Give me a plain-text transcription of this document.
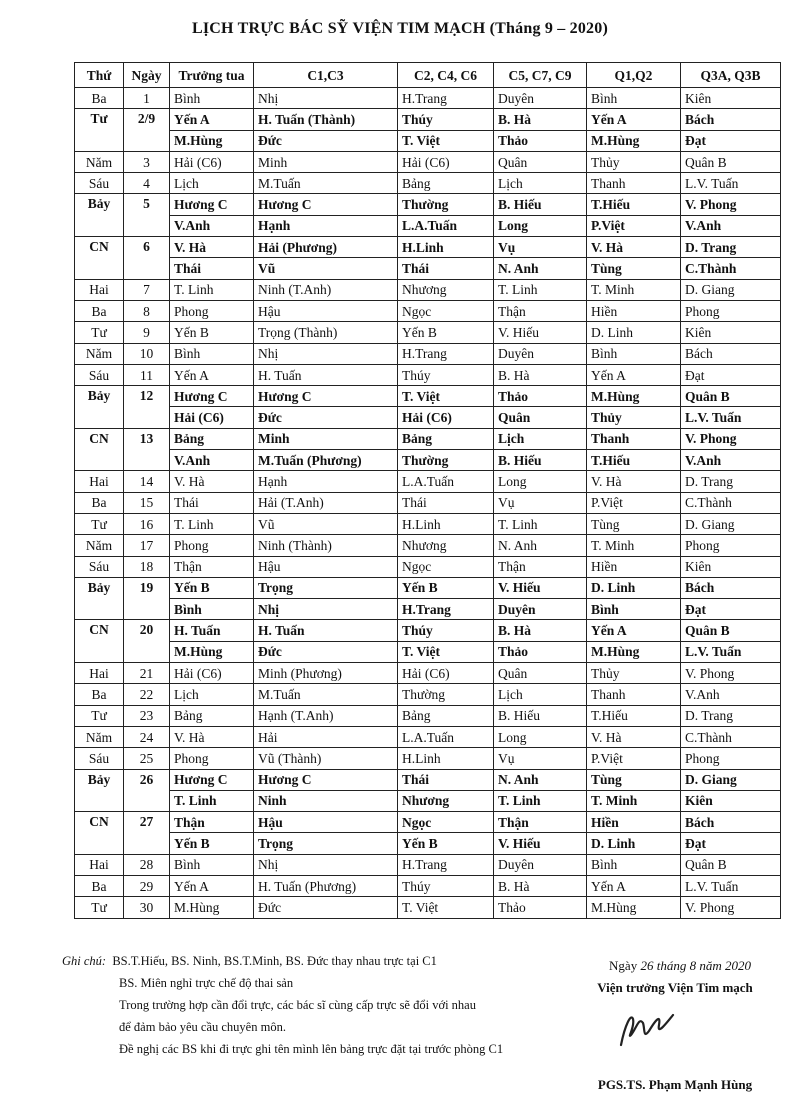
LỊCH TRỰC BÁC SỸ VIỆN TIM MẠCH (Tháng 9 – 2020)
Thứ	Ngày	Trưởng tua	C1,C3	C2, C4, C6	C5, C7, C9	Q1,Q2	Q3A, Q3B
Ba	1	Bình	Nhị	H.Trang	Duyên	Bình	Kiên
Tư	2/9	Yến A	H. Tuấn (Thành)	Thúy	B. Hà	Yến A	Bách
		M.Hùng	Đức	T. Việt	Thảo	M.Hùng	Đạt
Năm	3	Hải (C6)	Minh	Hải (C6)	Quân	Thủy	Quân B
Sáu	4	Lịch	M.Tuấn	Bảng	Lịch	Thanh	L.V. Tuấn
Bảy	5	Hương C	Hương C	Thường	B. Hiếu	T.Hiếu	V. Phong
		V.Anh	Hạnh	L.A.Tuấn	Long	P.Việt	V.Anh
CN	6	V. Hà	Hải (Phương)	H.Linh	Vụ	V. Hà	D. Trang
		Thái	Vũ	Thái	N. Anh	Tùng	C.Thành
Hai	7	T. Linh	Ninh (T.Anh)	Nhương	T. Linh	T. Minh	D. Giang
Ba	8	Phong	Hậu	Ngọc	Thận	Hiền	Phong
Tư	9	Yến B	Trọng (Thành)	Yến B	V. Hiếu	D. Linh	Kiên
Năm	10	Bình	Nhị	H.Trang	Duyên	Bình	Bách
Sáu	11	Yến A	H. Tuấn	Thúy	B. Hà	Yến A	Đạt
Bảy	12	Hương C	Hương C	T. Việt	Thảo	M.Hùng	Quân B
		Hải (C6)	Đức	Hải (C6)	Quân	Thủy	L.V. Tuấn
CN	13	Bảng	Minh	Bảng	Lịch	Thanh	V. Phong
		V.Anh	M.Tuấn (Phương)	Thường	B. Hiếu	T.Hiếu	V.Anh
Hai	14	V. Hà	Hạnh	L.A.Tuấn	Long	V. Hà	D. Trang
Ba	15	Thái	Hải (T.Anh)	Thái	Vụ	P.Việt	C.Thành
Tư	16	T. Linh	Vũ	H.Linh	T. Linh	Tùng	D. Giang
Năm	17	Phong	Ninh (Thành)	Nhương	N. Anh	T. Minh	Phong
Sáu	18	Thận	Hậu	Ngọc	Thận	Hiền	Kiên
Bảy	19	Yến B	Trọng	Yến B	V. Hiếu	D. Linh	Bách
		Bình	Nhị	H.Trang	Duyên	Bình	Đạt
CN	20	H. Tuấn	H. Tuấn	Thúy	B. Hà	Yến A	Quân B
		M.Hùng	Đức	T. Việt	Thảo	M.Hùng	L.V. Tuấn
Hai	21	Hải (C6)	Minh (Phương)	Hải (C6)	Quân	Thủy	V. Phong
Ba	22	Lịch	M.Tuấn	Thường	Lịch	Thanh	V.Anh
Tư	23	Bảng	Hạnh (T.Anh)	Bảng	B. Hiếu	T.Hiếu	D. Trang
Năm	24	V. Hà	Hải	L.A.Tuấn	Long	V. Hà	C.Thành
Sáu	25	Phong	Vũ (Thành)	H.Linh	Vụ	P.Việt	Phong
Bảy	26	Hương C	Hương C	Thái	N. Anh	Tùng	D. Giang
		T. Linh	Ninh	Nhương	T. Linh	T. Minh	Kiên
CN	27	Thận	Hậu	Ngọc	Thận	Hiền	Bách
		Yến B	Trọng	Yến B	V. Hiếu	D. Linh	Đạt
Hai	28	Bình	Nhị	H.Trang	Duyên	Bình	Quân B
Ba	29	Yến A	H. Tuấn (Phương)	Thúy	B. Hà	Yến A	L.V. Tuấn
Tư	30	M.Hùng	Đức	T. Việt	Thảo	M.Hùng	V. Phong
Ghi chú: BS.T.Hiếu, BS. Ninh, BS.T.Minh, BS. Đức thay nhau trực tại C1
BS. Miên nghỉ trực chế độ thai sản
Trong trường hợp cần đổi trực, các bác sĩ cùng cấp trực sẽ đổi với nhau
để đảm bảo yêu cầu chuyên môn.
Đề nghị các BS khi đi trực ghi tên mình lên bảng trực đặt tại trước phòng C1
Ngày 26 tháng 8 năm 2020
Viện trưởng Viện Tim mạch
PGS.TS. Phạm Mạnh Hùng
